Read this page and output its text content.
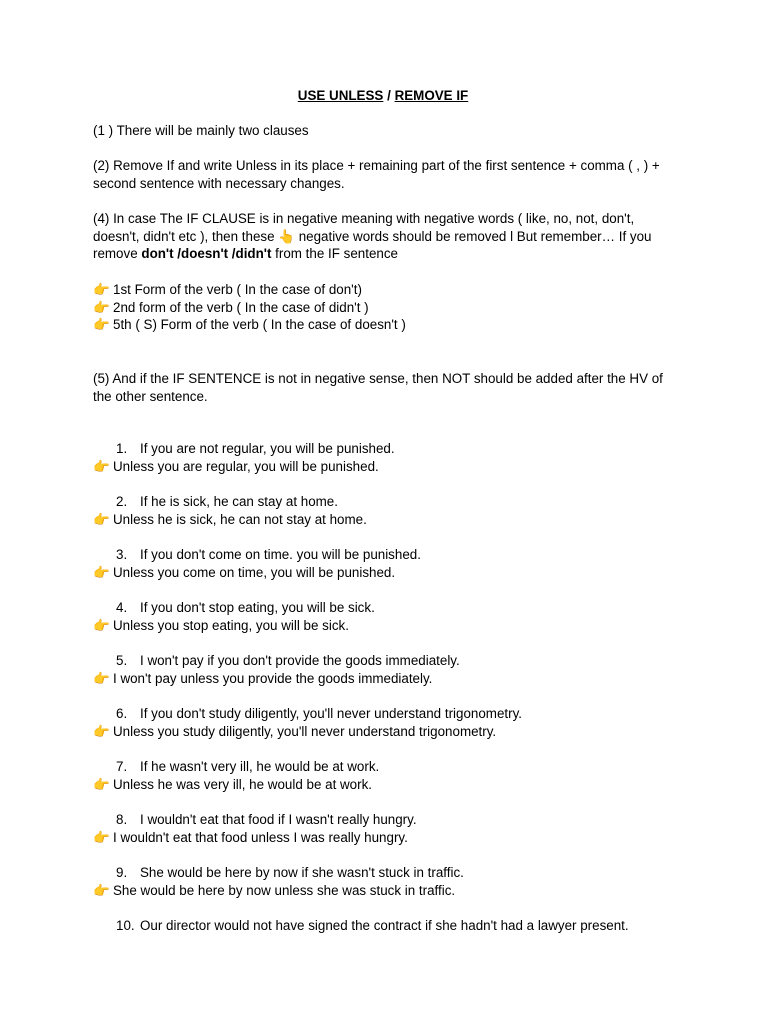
USE UNLESS / REMOVE IF
(1 ) There will be mainly two clauses
(2) Remove If and write Unless in its place + remaining part of the first sentence + comma ( , ) + second sentence with necessary changes.
(4) In case The IF CLAUSE is in negative meaning with negative words ( like, no, not, don't, doesn't, didn't etc ), then these 👆 negative words should be removed l But remember… If you remove don't /doesn't /didn't from the IF sentence
👉 1st Form of the verb ( In the case of don't)
👉 2nd form of the verb ( In the case of didn't )
👉 5th ( S) Form of the verb ( In the case of doesn't )
(5) And if the IF SENTENCE is not in negative sense, then NOT should be added after the HV of the other sentence.
1. If you are not regular, you will be punished.
👉 Unless you are regular, you will be punished.
2. If he is sick, he can stay at home.
👉 Unless he is sick, he can not stay at home.
3. If you don't come on time. you will be punished.
👉 Unless you come on time, you will be punished.
4. If you don't stop eating, you will be sick.
👉 Unless you stop eating, you will be sick.
5. I won't pay if you don't provide the goods immediately.
👉 I won't pay unless you provide the goods immediately.
6. If you don't study diligently, you'll never understand trigonometry.
👉 Unless you study diligently, you'll never understand trigonometry.
7. If he wasn't very ill, he would be at work.
👉 Unless he was very ill, he would be at work.
8. I wouldn't eat that food if I wasn't really hungry.
👉 I wouldn't eat that food unless I was really hungry.
9. She would be here by now if she wasn't stuck in traffic.
👉 She would be here by now unless she was stuck in traffic.
10. Our director would not have signed the contract if she hadn't had a lawyer present.
